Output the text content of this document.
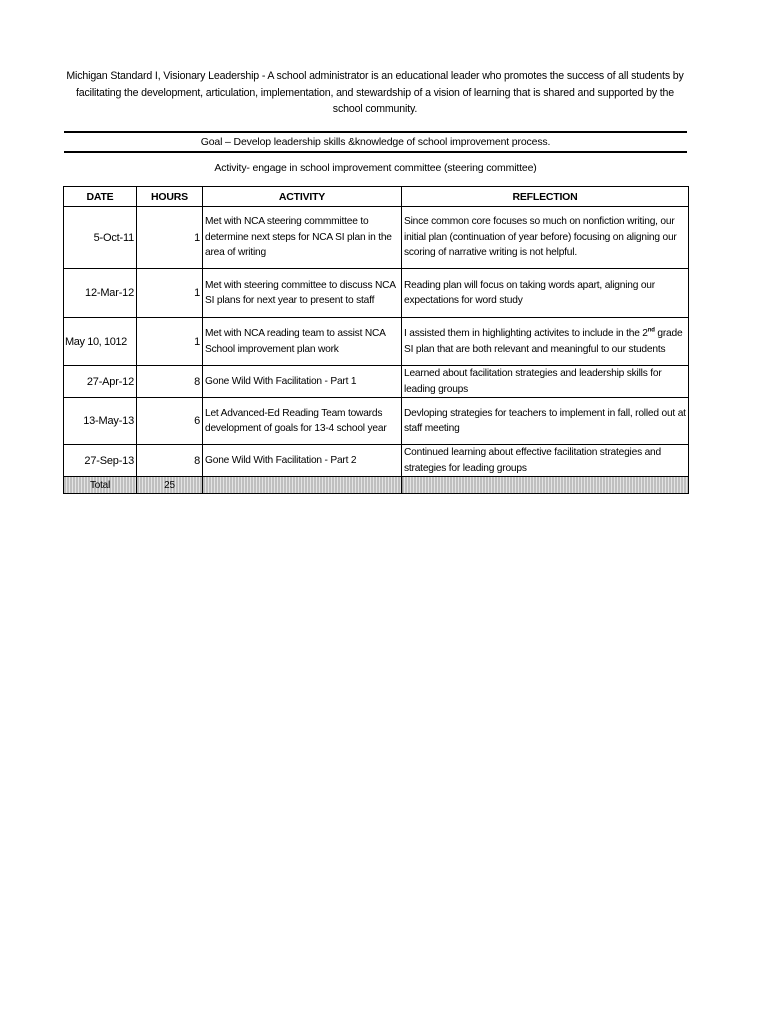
Michigan Standard I, Visionary Leadership - A school administrator is an educational leader who promotes the success of all students by facilitating the development, articulation, implementation, and stewardship of a vision of learning that is shared and supported by the school community.
Goal – Develop leadership skills &knowledge of school improvement process.
Activity- engage in school improvement committee (steering committee)
DATE	HOURS	ACTIVITY	REFLECTION
5-Oct-11	1	Met with NCA steering commmittee to determine next steps for NCA SI plan in the area of writing	Since common core focuses so much on nonfiction writing, our initial plan (continuation of year before) focusing on aligning our scoring of narrative writing is not helpful.
12-Mar-12	1	Met with steering committee to discuss NCA SI plans for next year to present to staff	Reading plan will focus on taking words apart, aligning our expectations for word study
May 10, 1012	1	Met with NCA reading team to assist NCA School improvement plan work	I assisted them in highlighting activites to include in the 2nd grade SI plan that are both relevant and meaningful to our students
27-Apr-12	8	Gone Wild With Facilitation - Part 1	Learned about facilitation strategies and leadership skills for leading groups
13-May-13	6	Let Advanced-Ed Reading Team towards development of goals for 13-4 school year	Devloping strategies for teachers to implement in fall, rolled out at staff meeting
27-Sep-13	8	Gone Wild With Facilitation - Part 2	Continued learning about effective facilitation strategies and strategies for leading groups
Total	25		
